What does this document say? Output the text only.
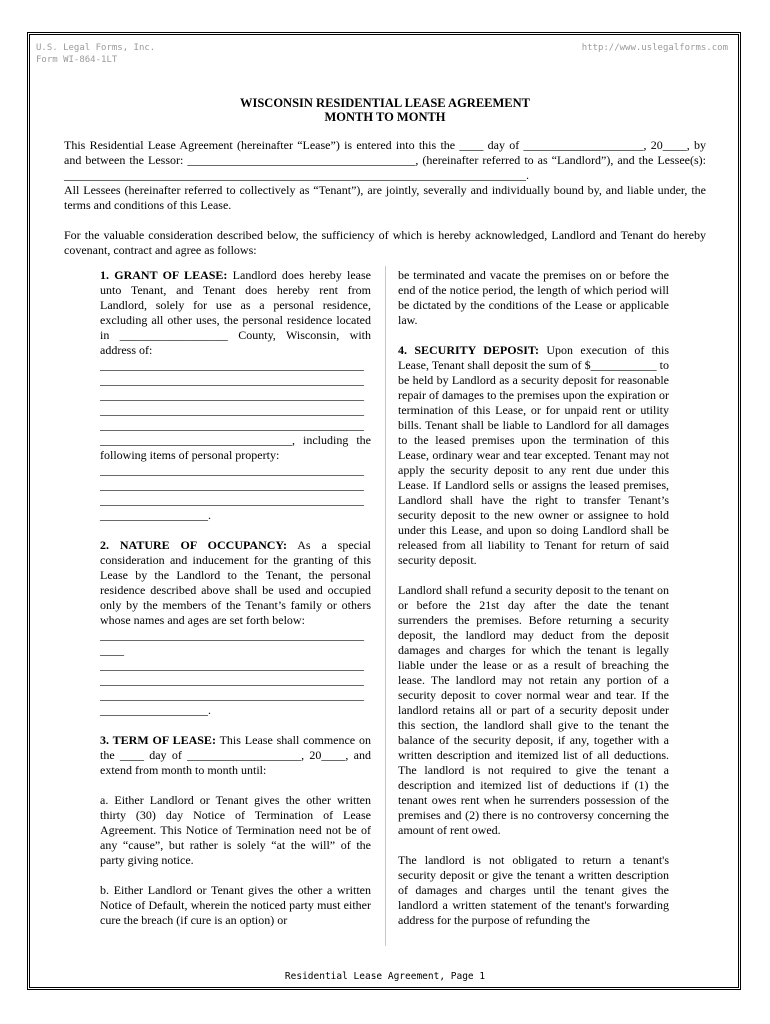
U.S. Legal Forms, Inc.
Form WI-864-1LT
http://www.uslegalforms.com
WISCONSIN RESIDENTIAL LEASE AGREEMENT
MONTH TO MONTH

This Residential Lease Agreement (hereinafter “Lease”) is entered into this the ____ day of ____________________, 20____, by and between the Lessor: ______________________________________, (hereinafter referred to as “Landlord”), and the Lessee(s): _____________________________________________________________________________.

All Lessees (hereinafter referred to collectively as “Tenant”), are jointly, severally and individually bound by, and liable under, the terms and conditions of this Lease.

For the valuable consideration described below, the sufficiency of which is hereby acknowledged, Landlord and Tenant do hereby covenant, contract and agree as follows:

1. GRANT OF LEASE: Landlord does hereby lease unto Tenant, and Tenant does hereby rent from Landlord, solely for use as a personal residence, excluding all other uses, the personal residence located in __________________ County, Wisconsin, with address of:

____________________________________________
____________________________________________
____________________________________________
____________________________________________
____________________________________________

________________________________, including the following items of personal property:

____________________________________________
____________________________________________
____________________________________________

__________________.

2. NATURE OF OCCUPANCY: As a special consideration and inducement for the granting of this Lease by the Landlord to the Tenant, the personal residence described above shall be used and occupied only by the members of the Tenant’s family or others whose names and ages are set forth below:

____________________________________________
____
____________________________________________
____________________________________________
____________________________________________

__________________.

3. TERM OF LEASE: This Lease shall commence on the ____ day of ___________________, 20____, and extend from month to month until:

a. Either Landlord or Tenant gives the other written thirty (30) day Notice of Termination of Lease Agreement. This Notice of Termination need not be of any “cause”, but rather is solely “at the will” of the party giving notice.

b. Either Landlord or Tenant gives the other a written Notice of Default, wherein the noticed party must either cure the breach (if cure is an option) or

be terminated and vacate the premises on or before the end of the notice period, the length of which period will be dictated by the conditions of the Lease or applicable law.

4. SECURITY DEPOSIT: Upon execution of this Lease, Tenant shall deposit the sum of $___________ to be held by Landlord as a security deposit for reasonable repair of damages to the premises upon the expiration or termination of this Lease, or for unpaid rent or utility bills. Tenant shall be liable to Landlord for all damages to the leased premises upon the termination of this Lease, ordinary wear and tear excepted. Tenant may not apply the security deposit to any rent due under this Lease. If Landlord sells or assigns the leased premises, Landlord shall have the right to transfer Tenant’s security deposit to the new owner or assignee to hold under this Lease, and upon so doing Landlord shall be released from all liability to Tenant for return of said security deposit.

Landlord shall refund a security deposit to the tenant on or before the 21st day after the date the tenant surrenders the premises. Before returning a security deposit, the landlord may deduct from the deposit damages and charges for which the tenant is legally liable under the lease or as a result of breaching the lease. The landlord may not retain any portion of a security deposit to cover normal wear and tear. If the landlord retains all or part of a security deposit under this section, the landlord shall give to the tenant the balance of the security deposit, if any, together with a written description and itemized list of all deductions. The landlord is not required to give the tenant a description and itemized list of deductions if (1) the tenant owes rent when he surrenders possession of the premises and (2) there is no controversy concerning the amount of rent owed.

The landlord is not obligated to return a tenant's security deposit or give the tenant a written description of damages and charges until the tenant gives the landlord a written statement of the tenant's forwarding address for the purpose of refunding the

Residential Lease Agreement, Page 1
